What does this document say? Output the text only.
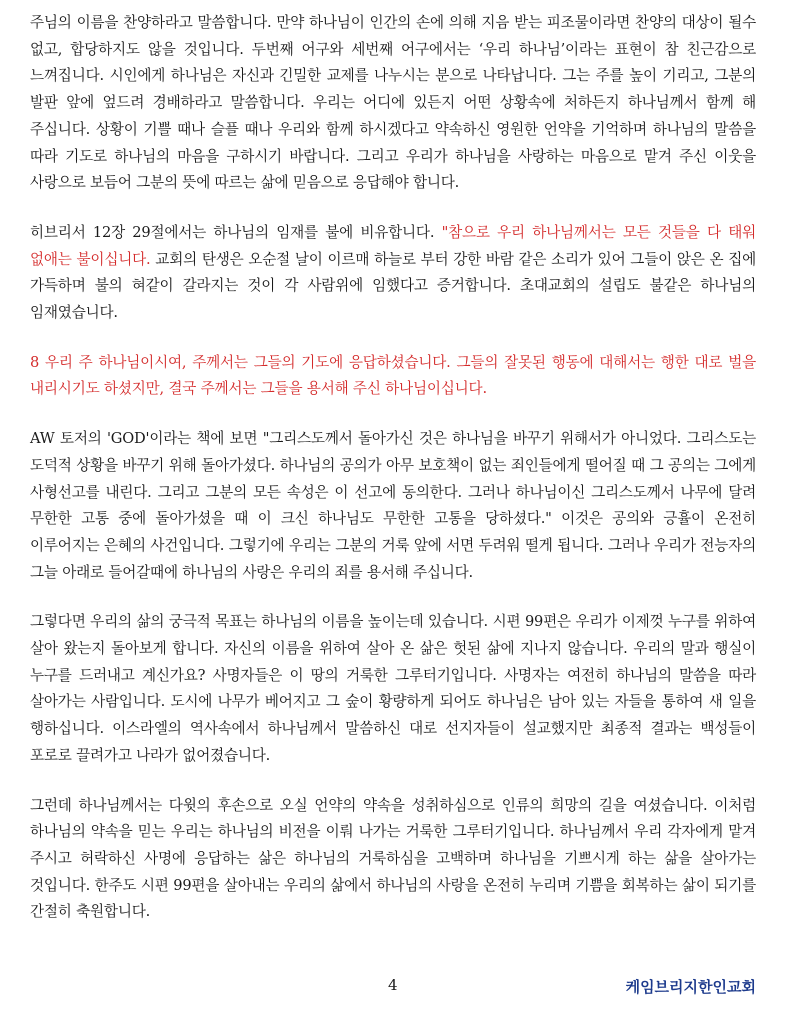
주님의 이름을 찬양하라고 말씀합니다. 만약 하나님이 인간의 손에 의해 지음 받는 피조물이라면 찬양의 대상이 될수 없고, 합당하지도 않을 것입니다. 두번째 어구와 세번째 어구에서는 ‘우리 하나님’이라는 표현이 참 친근감으로 느껴집니다. 시인에게 하나님은 자신과 긴밀한 교제를 나누시는 분으로 나타납니다. 그는 주를 높이 기리고, 그분의 발판 앞에 엎드려 경배하라고 말씀합니다. 우리는 어디에 있든지 어떤 상황속에 처하든지 하나님께서 함께 해 주십니다. 상황이 기쁠 때나 슬플 때나 우리와 함께 하시겠다고 약속하신 영원한 언약을 기억하며 하나님의 말씀을 따라 기도로 하나님의 마음을 구하시기 바랍니다. 그리고 우리가 하나님을 사랑하는 마음으로 맡겨 주신 이웃을 사랑으로 보듬어 그분의 뜻에 따르는 삶에 믿음으로 응답해야 합니다.

히브리서 12장 29절에서는 하나님의 임재를 불에 비유합니다. "참으로 우리 하나님께서는 모든 것들을 다 태워 없애는 불이십니다. 교회의 탄생은 오순절 날이 이르매 하늘로 부터 강한 바람 같은 소리가 있어 그들이 앉은 온 집에 가득하며 불의 혀같이 갈라지는 것이 각 사람위에 임했다고 증거합니다. 초대교회의 설립도 불같은 하나님의 임재였습니다.

8 우리 주 하나님이시여, 주께서는 그들의 기도에 응답하셨습니다. 그들의 잘못된 행동에 대해서는 행한 대로 벌을 내리시기도 하셨지만, 결국 주께서는 그들을 용서해 주신 하나님이십니다.

AW 토저의 'GOD'이라는 책에 보면 "그리스도께서 돌아가신 것은 하나님을 바꾸기 위해서가 아니었다. 그리스도는 도덕적 상황을 바꾸기 위해 돌아가셨다. 하나님의 공의가 아무 보호책이 없는 죄인들에게 떨어질 때 그 공의는 그에게 사형선고를 내린다. 그리고 그분의 모든 속성은 이 선고에 동의한다. 그러나 하나님이신 그리스도께서 나무에 달려 무한한 고통 중에 돌아가셨을 때 이 크신 하나님도 무한한 고통을 당하셨다." 이것은 공의와 긍휼이 온전히 이루어지는 은혜의 사건입니다. 그렇기에 우리는 그분의 거룩 앞에 서면 두려워 떨게 됩니다. 그러나 우리가 전능자의 그늘 아래로 들어갈때에 하나님의 사랑은 우리의 죄를 용서해 주십니다.

그렇다면 우리의 삶의 궁극적 목표는 하나님의 이름을 높이는데 있습니다. 시편 99편은 우리가 이제껏 누구를 위하여 살아 왔는지 돌아보게 합니다. 자신의 이름을 위하여 살아 온 삶은 헛된 삶에 지나지 않습니다. 우리의 말과 행실이 누구를 드러내고 계신가요? 사명자들은 이 땅의 거룩한 그루터기입니다. 사명자는 여전히 하나님의 말씀을 따라 살아가는 사람입니다. 도시에 나무가 베어지고 그 숲이 황량하게 되어도 하나님은 남아 있는 자들을 통하여 새 일을 행하십니다. 이스라엘의 역사속에서 하나님께서 말씀하신 대로 선지자들이 설교했지만 최종적 결과는 백성들이 포로로 끌려가고 나라가 없어졌습니다.

그런데 하나님께서는 다윗의 후손으로 오실 언약의 약속을 성취하심으로 인류의 희망의 길을 여셨습니다. 이처럼 하나님의 약속을 믿는 우리는 하나님의 비전을 이뤄 나가는 거룩한 그루터기입니다. 하나님께서 우리 각자에게 맡겨 주시고 허락하신 사명에 응답하는 삶은 하나님의 거룩하심을 고백하며 하나님을 기쁘시게 하는 삶을 살아가는 것입니다. 한주도 시편 99편을 살아내는 우리의 삶에서 하나님의 사랑을 온전히 누리며 기쁨을 회복하는 삶이 되기를 간절히 축원합니다.

4	케임브리지한인교회
